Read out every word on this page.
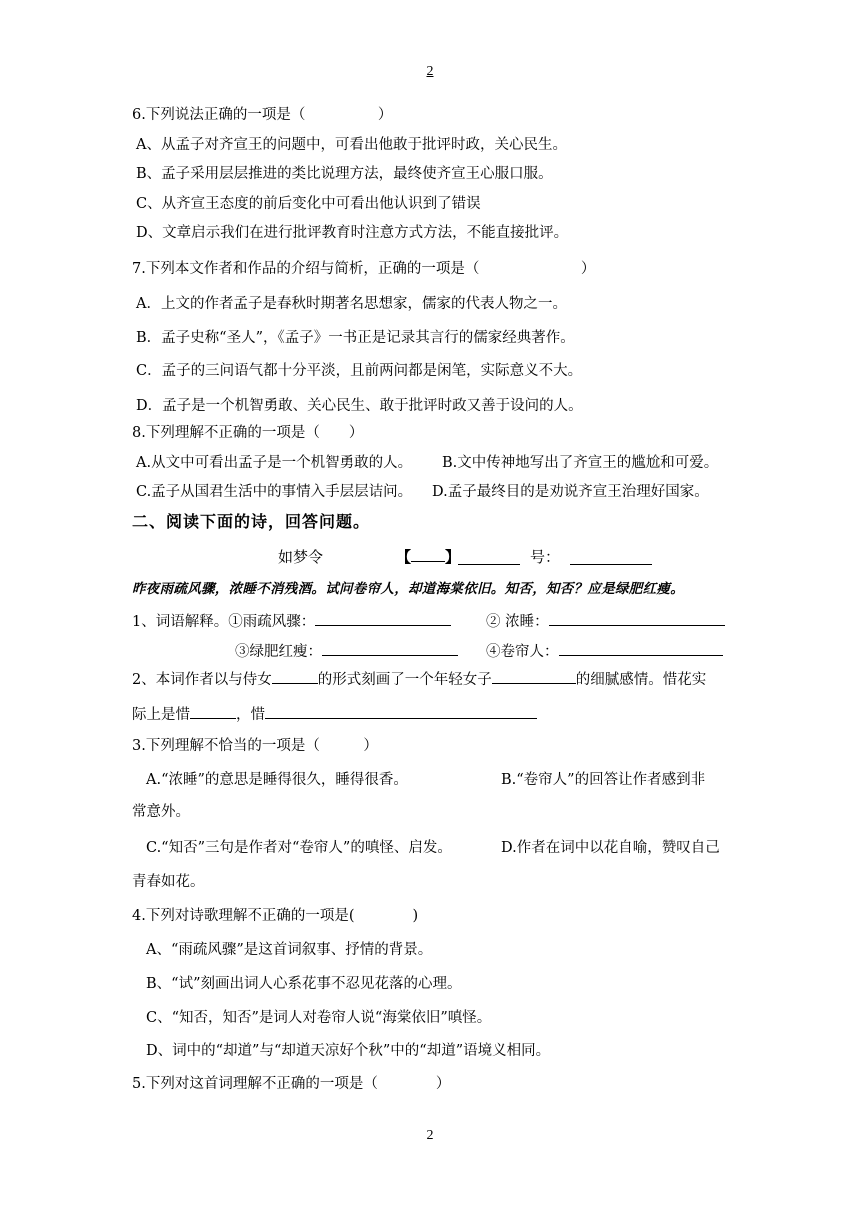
2
6.下列说法正确的一项是（　　　　　）
A、从孟子对齐宣王的问题中，可看出他敢于批评时政，关心民生。
B、孟子采用层层推进的类比说理方法，最终使齐宣王心服口服。
C、从齐宣王态度的前后变化中可看出他认识到了错误
D、文章启示我们在进行批评教育时注意方式方法，不能直接批评。
7.下列本文作者和作品的介绍与简析，正确的一项是（　　　　　　　）
A．上文的作者孟子是春秋时期著名思想家，儒家的代表人物之一。
B．孟子史称“圣人”，《孟子》一书正是记录其言行的儒家经典著作。
C．孟子的三问语气都十分平淡，且前两问都是闲笔，实际意义不大。
D．孟子是一个机智勇敢、关心民生、敢于批评时政又善于设问的人。
8.下列理解不正确的一项是（　　）
A.从文中可看出孟子是一个机智勇敢的人。 B.文中传神地写出了齐宣王的尴尬和可爱。
C.孟子从国君生活中的事情入手层层诘问。 D.孟子最终目的是劝说齐宣王治理好国家。
二、阅读下面的诗，回答问题。
如梦令	【 】	号：
昨夜雨疏风骤，浓睡不消残酒。试问卷帘人，却道海棠依旧。知否，知否？应是绿肥红瘦。
1、词语解释。①雨疏风骤：	② 浓睡：
③绿肥红瘦：	④卷帘人：
2、本词作者以与侍女	的形式刻画了一个年轻女子	的细腻感情。惜花实
际上是惜	，惜
3.下列理解不恰当的一项是（　　　）
A.“浓睡”的意思是睡得很久，睡得很香。	B.“卷帘人”的回答让作者感到非
常意外。
C.“知否”三句是作者对“卷帘人”的嗔怪、启发。	D.作者在词中以花自喻，赞叹自己
青春如花。
4.下列对诗歌理解不正确的一项是(　　　　)
A、“雨疏风骤”是这首词叙事、抒情的背景。
B、“试”刻画出词人心系花事不忍见花落的心理。
C、“知否，知否”是词人对卷帘人说“海棠依旧”嗔怪。
D、词中的“却道”与“却道天凉好个秋”中的“却道”语境义相同。
5.下列对这首词理解不正确的一项是（　　　　）
2
